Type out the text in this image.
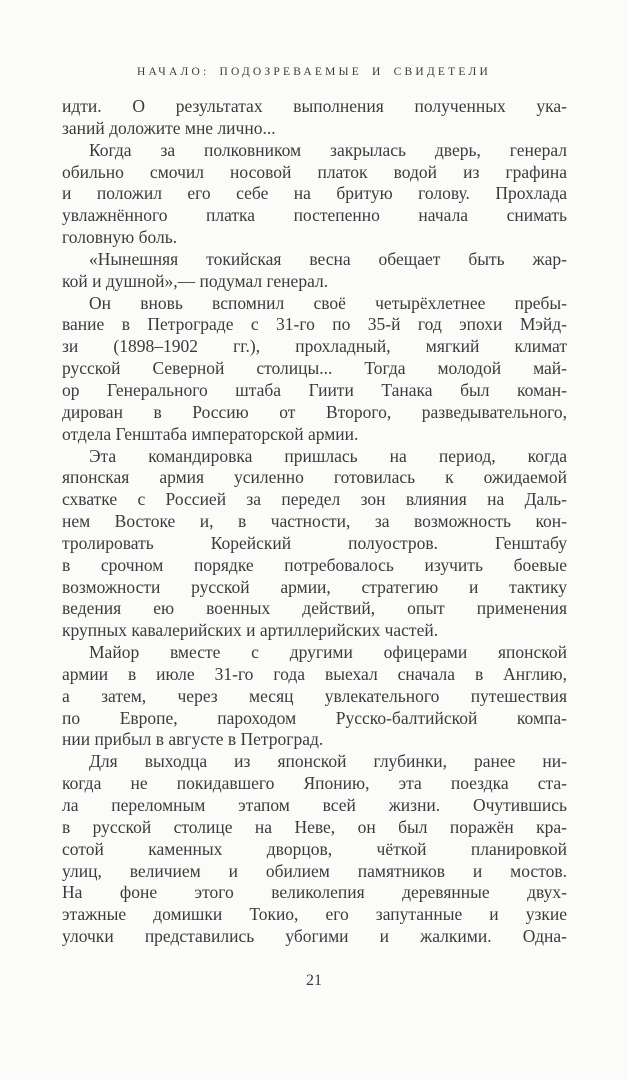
НАЧАЛО: ПОДОЗРЕВАЕМЫЕ И СВИДЕТЕЛИ
идти. О результатах выполнения полученных ука-
заний доложите мне лично...
Когда за полковником закрылась дверь, генерал
обильно смочил носовой платок водой из графина
и положил его себе на бритую голову. Прохлада
увлажнённого платка постепенно начала снимать
головную боль.
«Нынешняя токийская весна обещает быть жар-
кой и душной»,— подумал генерал.
Он вновь вспомнил своё четырёхлетнее пребы-
вание в Петрограде с 31-го по 35-й год эпохи Мэйд-
зи (1898–1902 гг.), прохладный, мягкий климат
русской Северной столицы... Тогда молодой май-
ор Генерального штаба Гиити Танака был коман-
дирован в Россию от Второго, разведывательного,
отдела Генштаба императорской армии.
Эта командировка пришлась на период, когда
японская армия усиленно готовилась к ожидаемой
схватке с Россией за передел зон влияния на Даль-
нем Востоке и, в частности, за возможность кон-
тролировать Корейский полуостров. Генштабу
в срочном порядке потребовалось изучить боевые
возможности русской армии, стратегию и тактику
ведения ею военных действий, опыт применения
крупных кавалерийских и артиллерийских частей.
Майор вместе с другими офицерами японской
армии в июле 31-го года выехал сначала в Англию,
а затем, через месяц увлекательного путешествия
по Европе, пароходом Русско-балтийской компа-
нии прибыл в августе в Петроград.
Для выходца из японской глубинки, ранее ни-
когда не покидавшего Японию, эта поездка ста-
ла переломным этапом всей жизни. Очутившись
в русской столице на Неве, он был поражён кра-
сотой каменных дворцов, чёткой планировкой
улиц, величием и обилием памятников и мостов.
На фоне этого великолепия деревянные двух-
этажные домишки Токио, его запутанные и узкие
улочки представились убогими и жалкими. Одна-
21
